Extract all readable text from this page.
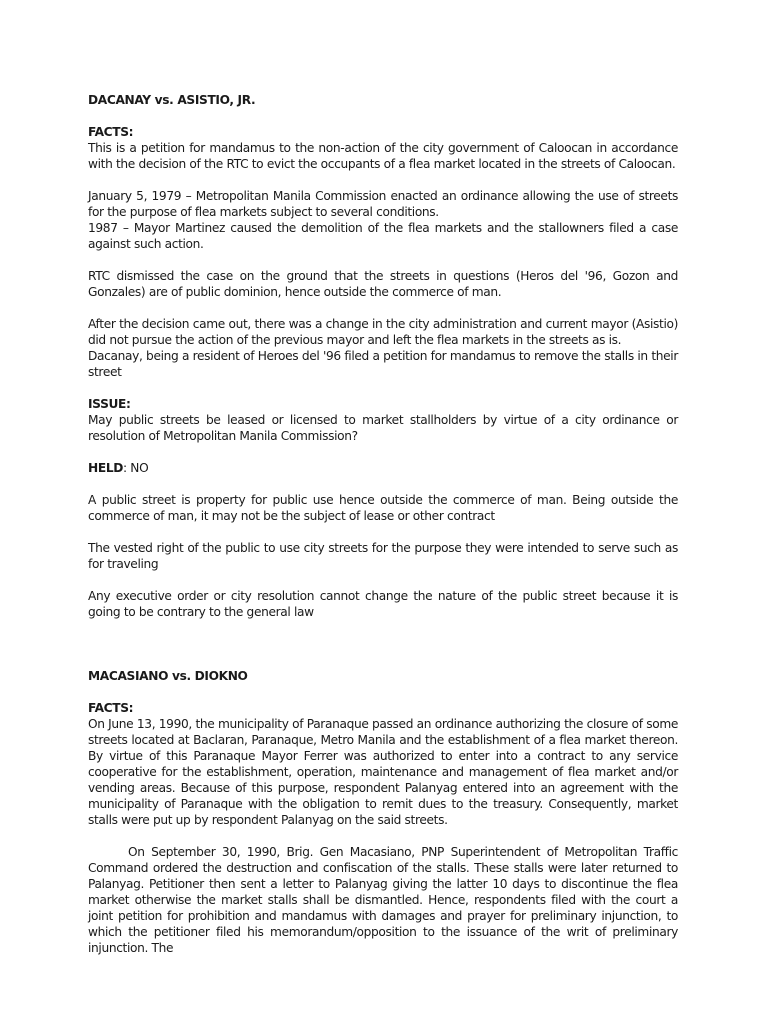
DACANAY vs. ASISTIO, JR.
FACTS:

This is a petition for mandamus to the non-action of the city government of Caloocan in accordance with the decision of the RTC to evict the occupants of a flea market located in the streets of Caloocan.

January 5, 1979 – Metropolitan Manila Commission enacted an ordinance allowing the use of streets for the purpose of flea markets subject to several conditions.
1987 – Mayor Martinez caused the demolition of the flea markets and the stallowners filed a case against such action.

RTC dismissed the case on the ground that the streets in questions (Heros del '96, Gozon and Gonzales) are of public dominion, hence outside the commerce of man.

After the decision came out, there was a change in the city administration and current mayor (Asistio) did not pursue the action of the previous mayor and left the flea markets in the streets as is.
Dacanay, being a resident of Heroes del '96 filed a petition for mandamus to remove the stalls in their street
ISSUE:

May public streets be leased or licensed to market stallholders by virtue of a city ordinance or resolution of Metropolitan Manila Commission?

HELD: NO

A public street is property for public use hence outside the commerce of man. Being outside the commerce of man, it may not be the subject of lease or other contract

The vested right of the public to use city streets for the purpose they were intended to serve such as for traveling

Any executive order or city resolution cannot change the nature of the public street because it is going to be contrary to the general law

MACASIANO vs. DIOKNO
FACTS:

On June 13, 1990, the municipality of Paranaque passed an ordinance authorizing the closure of some streets located at Baclaran, Paranaque, Metro Manila and the establishment of a flea market thereon. By virtue of this Paranaque Mayor Ferrer was authorized to enter into a contract to any service cooperative for the establishment, operation, maintenance and management of flea market and/or vending areas. Because of this purpose, respondent Palanyag entered into an agreement with the municipality of Paranaque with the obligation to remit dues to the treasury. Consequently, market stalls were put up by respondent Palanyag on the said streets.

On September 30, 1990, Brig. Gen Macasiano, PNP Superintendent of Metropolitan Traffic Command ordered the destruction and confiscation of the stalls. These stalls were later returned to Palanyag. Petitioner then sent a letter to Palanyag giving the latter 10 days to discontinue the flea market otherwise the market stalls shall be dismantled. Hence, respondents filed with the court a joint petition for prohibition and mandamus with damages and prayer for preliminary injunction, to which the petitioner filed his memorandum/opposition to the issuance of the writ of preliminary injunction. The
